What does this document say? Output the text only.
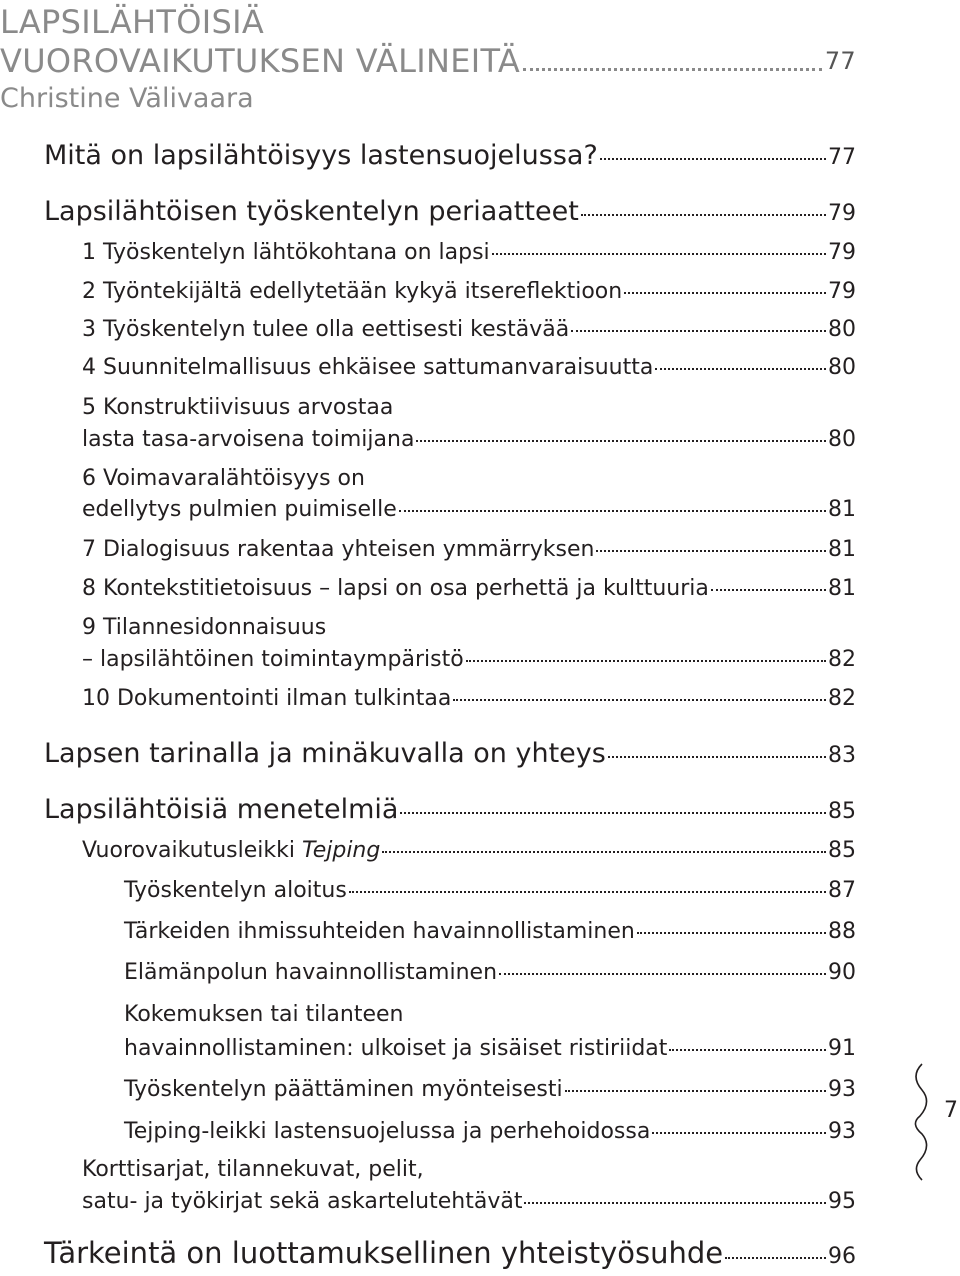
LAPSILÄHTÖISIÄ
VUOROVAIKUTUKSEN VÄLINEITÄ	77
Christine Välivaara
Mitä on lapsilähtöisyys lastensuojelussa?	77
Lapsilähtöisen työskentelyn periaatteet	79
1 Työskentelyn lähtökohtana on lapsi	79
2 Työntekijältä edellytetään kykyä itsereflektioon	79
3 Työskentelyn tulee olla eettisesti kestävää	80
4 Suunnitelmallisuus ehkäisee sattumanvaraisuutta	80
5 Konstruktiivisuus arvostaa
lasta tasa-arvoisena toimijana	80
6 Voimavaralähtöisyys on
edellytys pulmien puimiselle	81
7 Dialogisuus rakentaa yhteisen ymmärryksen	81
8 Kontekstitietoisuus – lapsi on osa perhettä ja kulttuuria	81
9 Tilannesidonnaisuus
– lapsilähtöinen toimintaympäristö	82
10 Dokumentointi ilman tulkintaa	82
Lapsen tarinalla ja minäkuvalla on yhteys	83
Lapsilähtöisiä menetelmiä	85
Vuorovaikutusleikki Tejping	85
Työskentelyn aloitus	87
Tärkeiden ihmissuhteiden havainnollistaminen	88
Elämänpolun havainnollistaminen	90
Kokemuksen tai tilanteen
havainnollistaminen: ulkoiset ja sisäiset ristiriidat	91
Työskentelyn päättäminen myönteisesti	93
Tejping-leikki lastensuojelussa ja perhehoidossa	93
Korttisarjat, tilannekuvat, pelit,
satu- ja työkirjat sekä askartelutehtävät	95
Tärkeintä on luottamuksellinen yhteistyösuhde	96
7
